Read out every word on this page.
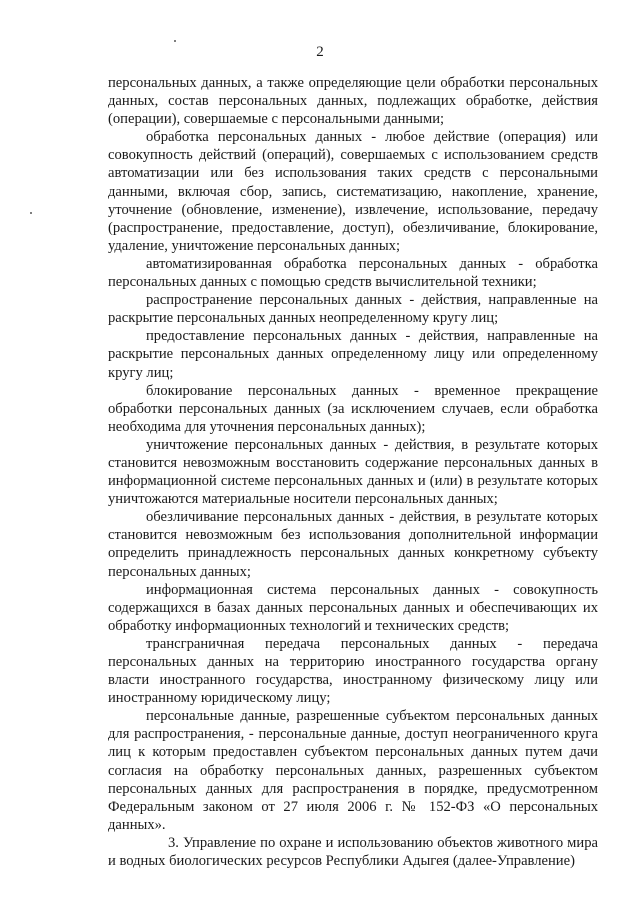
2

персональных данных, а также определяющие цели обработки персональных данных, состав персональных данных, подлежащих обработке, действия (операции), совершаемые с персональными данными;

обработка персональных данных - любое действие (операция) или совокупность действий (операций), совершаемых с использованием средств автоматизации или без использования таких средств с персональными данными, включая сбор, запись, систематизацию, накопление, хранение, уточнение (обновление, изменение), извлечение, использование, передачу (распространение, предоставление, доступ), обезличивание, блокирование, удаление, уничтожение персональных данных;

автоматизированная обработка персональных данных - обработка персональных данных с помощью средств вычислительной техники;

распространение персональных данных - действия, направленные на раскрытие персональных данных неопределенному кругу лиц;

предоставление персональных данных - действия, направленные на раскрытие персональных данных определенному лицу или определенному кругу лиц;

блокирование персональных данных - временное прекращение обработки персональных данных (за исключением случаев, если обработка необходима для уточнения персональных данных);

уничтожение персональных данных - действия, в результате которых становится невозможным восстановить содержание персональных данных в информационной системе персональных данных и (или) в результате которых уничтожаются материальные носители персональных данных;

обезличивание персональных данных - действия, в результате которых становится невозможным без использования дополнительной информации определить принадлежность персональных данных конкретному субъекту персональных данных;

информационная система персональных данных - совокупность содержащихся в базах данных персональных данных и обеспечивающих их обработку информационных технологий и технических средств;

трансграничная передача персональных данных - передача персональных данных на территорию иностранного государства органу власти иностранного государства, иностранному физическому лицу или иностранному юридическому лицу;

персональные данные, разрешенные субъектом персональных данных для распространения, - персональные данные, доступ неограниченного круга лиц к которым предоставлен субъектом персональных данных путем дачи согласия на обработку персональных данных, разрешенных субъектом персональных данных для распространения в порядке, предусмотренном Федеральным законом от 27 июля 2006 г. № 152-ФЗ «О персональных данных».

3. Управление по охране и использованию объектов животного мира и водных биологических ресурсов Республики Адыгея (далее-Управление)
